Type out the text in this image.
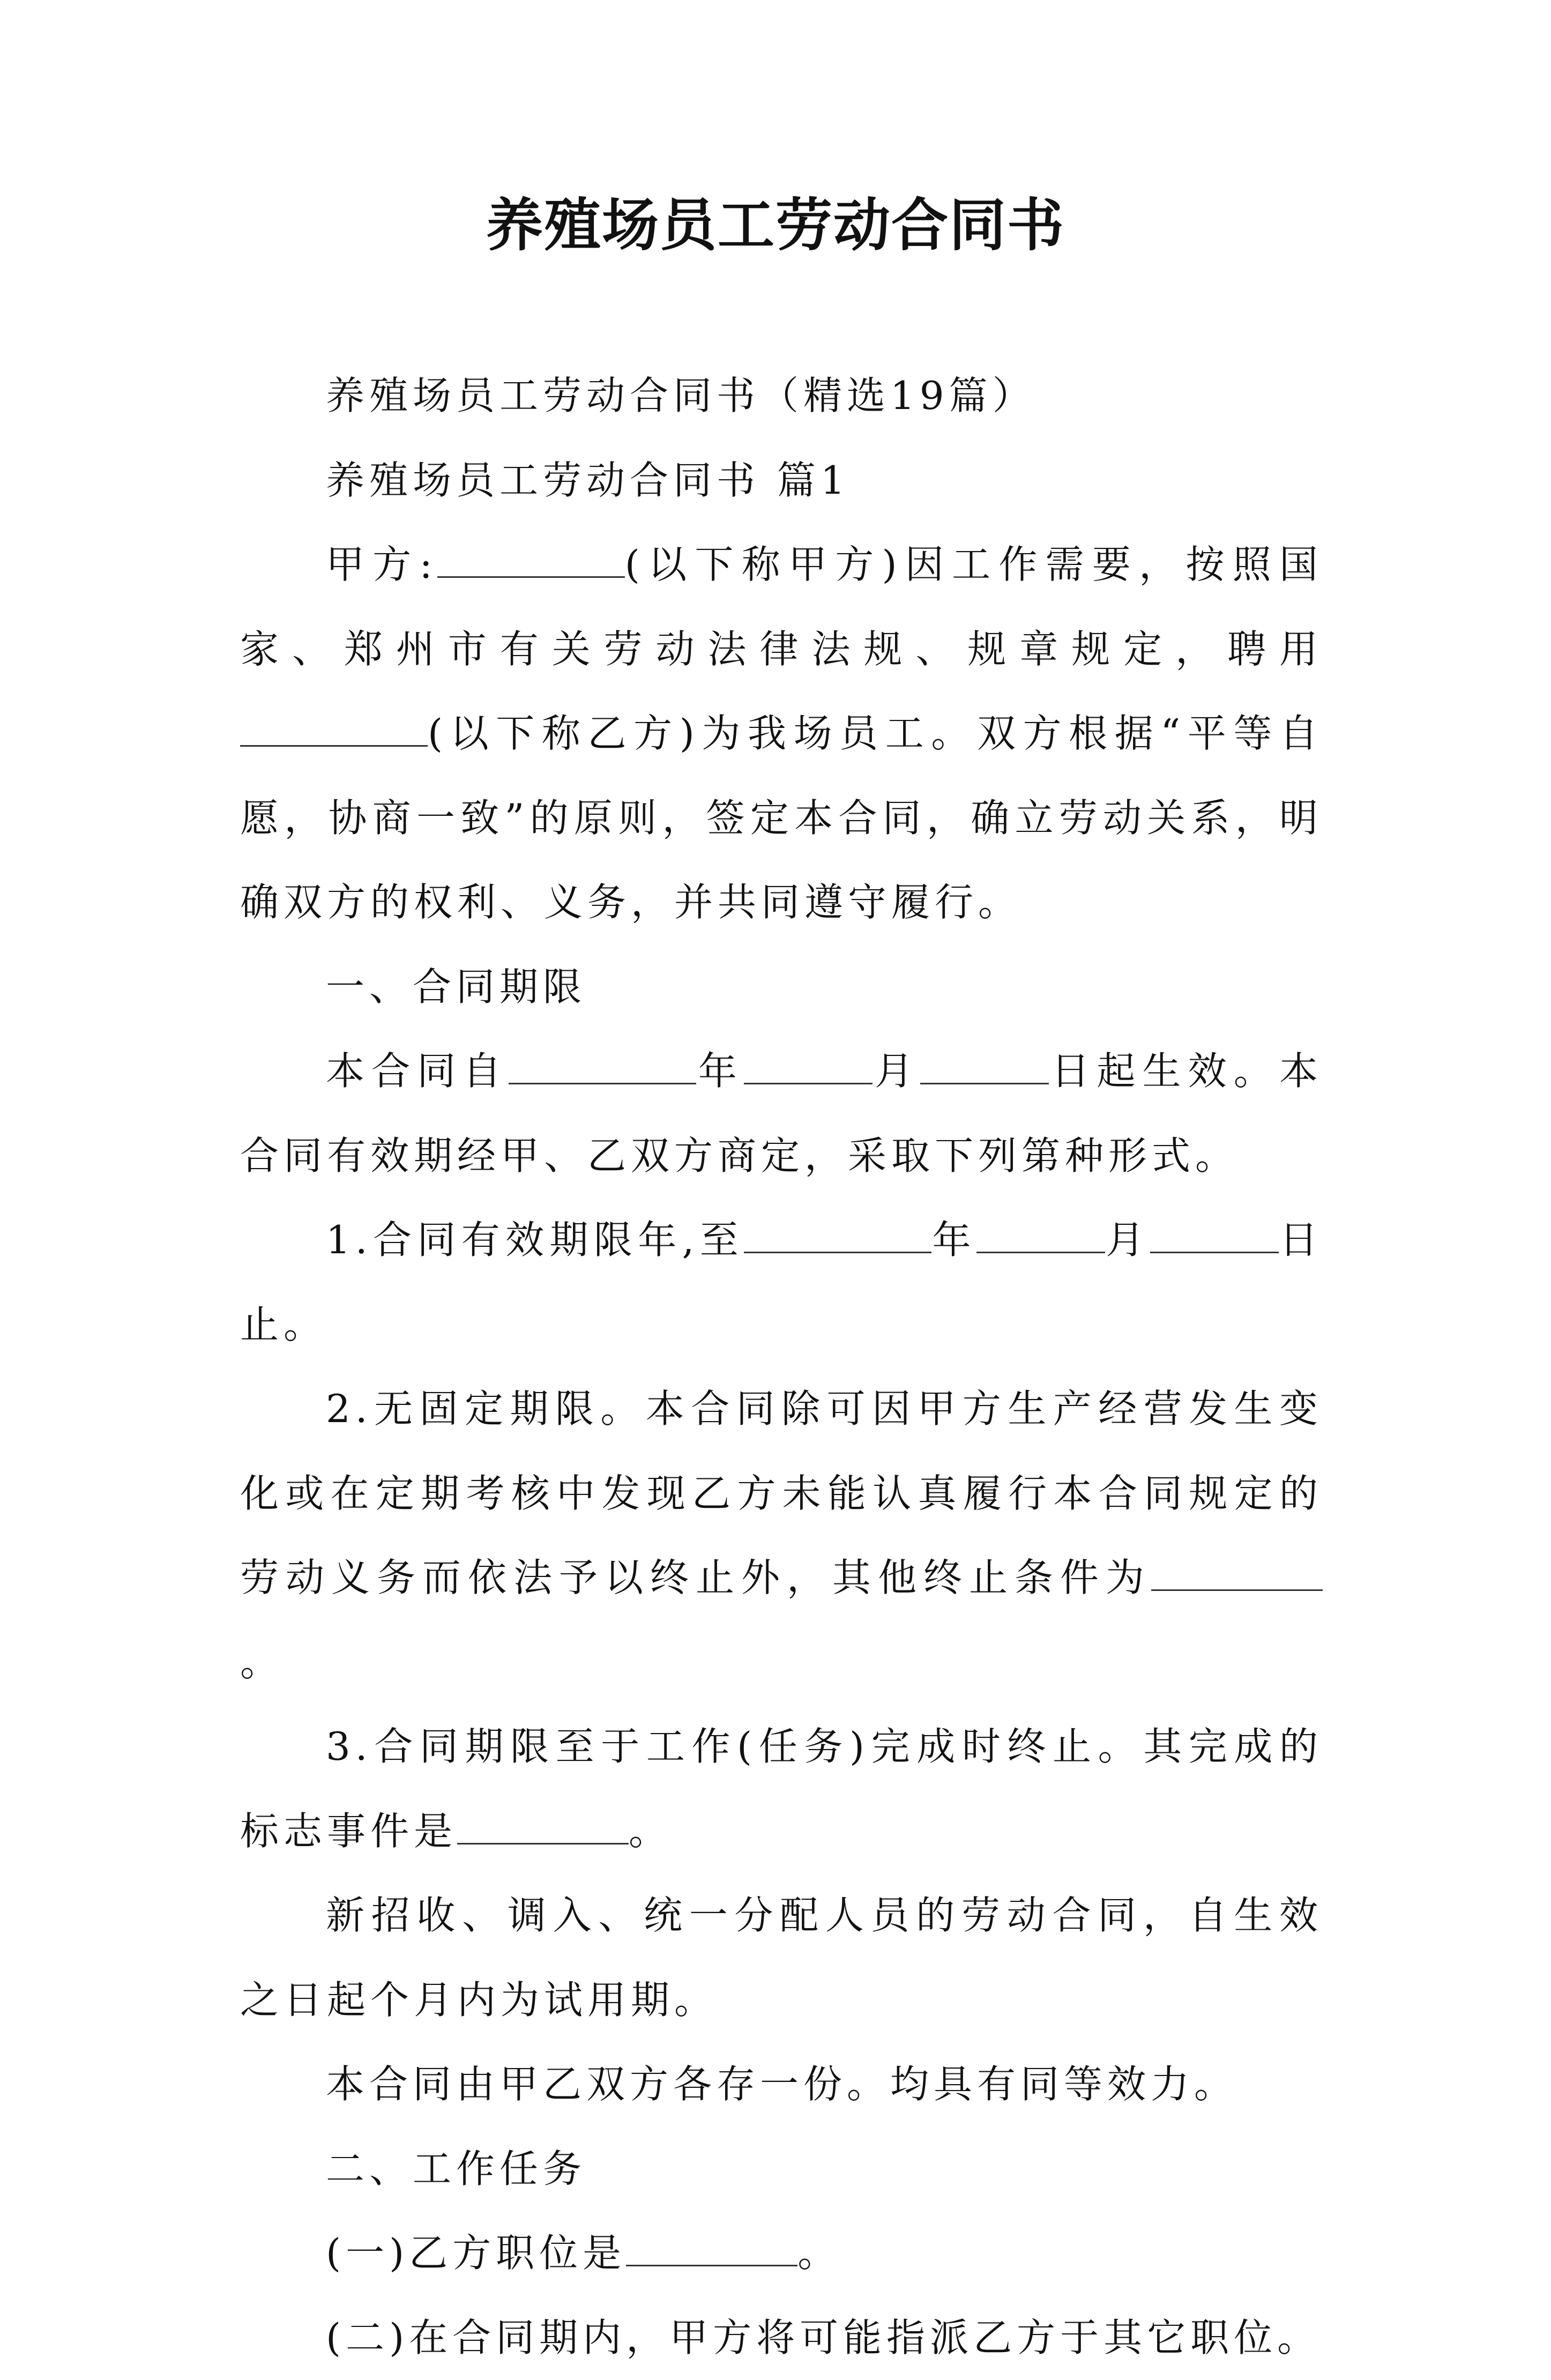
养殖场员工劳动合同书

养殖场员工劳动合同书（精选19篇）

养殖场员工劳动合同书 篇1

甲方:	(以下称甲方)因工作需要，按照国家、郑州市有关劳动法律法规、规章规定，聘用(以下称乙方)为我场员工。双方根据“平等自愿，协商一致”的原则，签定本合同，确立劳动关系，明确双方的权利、义务，并共同遵守履行。

一、合同期限

本合同自	年	月	日起生效。本合同有效期经甲、乙双方商定，采取下列第种形式。

1.合同有效期限年,至	年	月	日止。

2.无固定期限。本合同除可因甲方生产经营发生变化或在定期考核中发现乙方未能认真履行本合同规定的劳动义务而依法予以终止外，其他终止条件为。

3.合同期限至于工作(任务)完成时终止。其完成的标志事件是	。

新招收、调入、统一分配人员的劳动合同，自生效之日起个月内为试用期。

本合同由甲乙双方各存一份。均具有同等效力。

二、工作任务

(一)乙方职位是	。

(二)在合同期内，甲方将可能指派乙方于其它职位。
